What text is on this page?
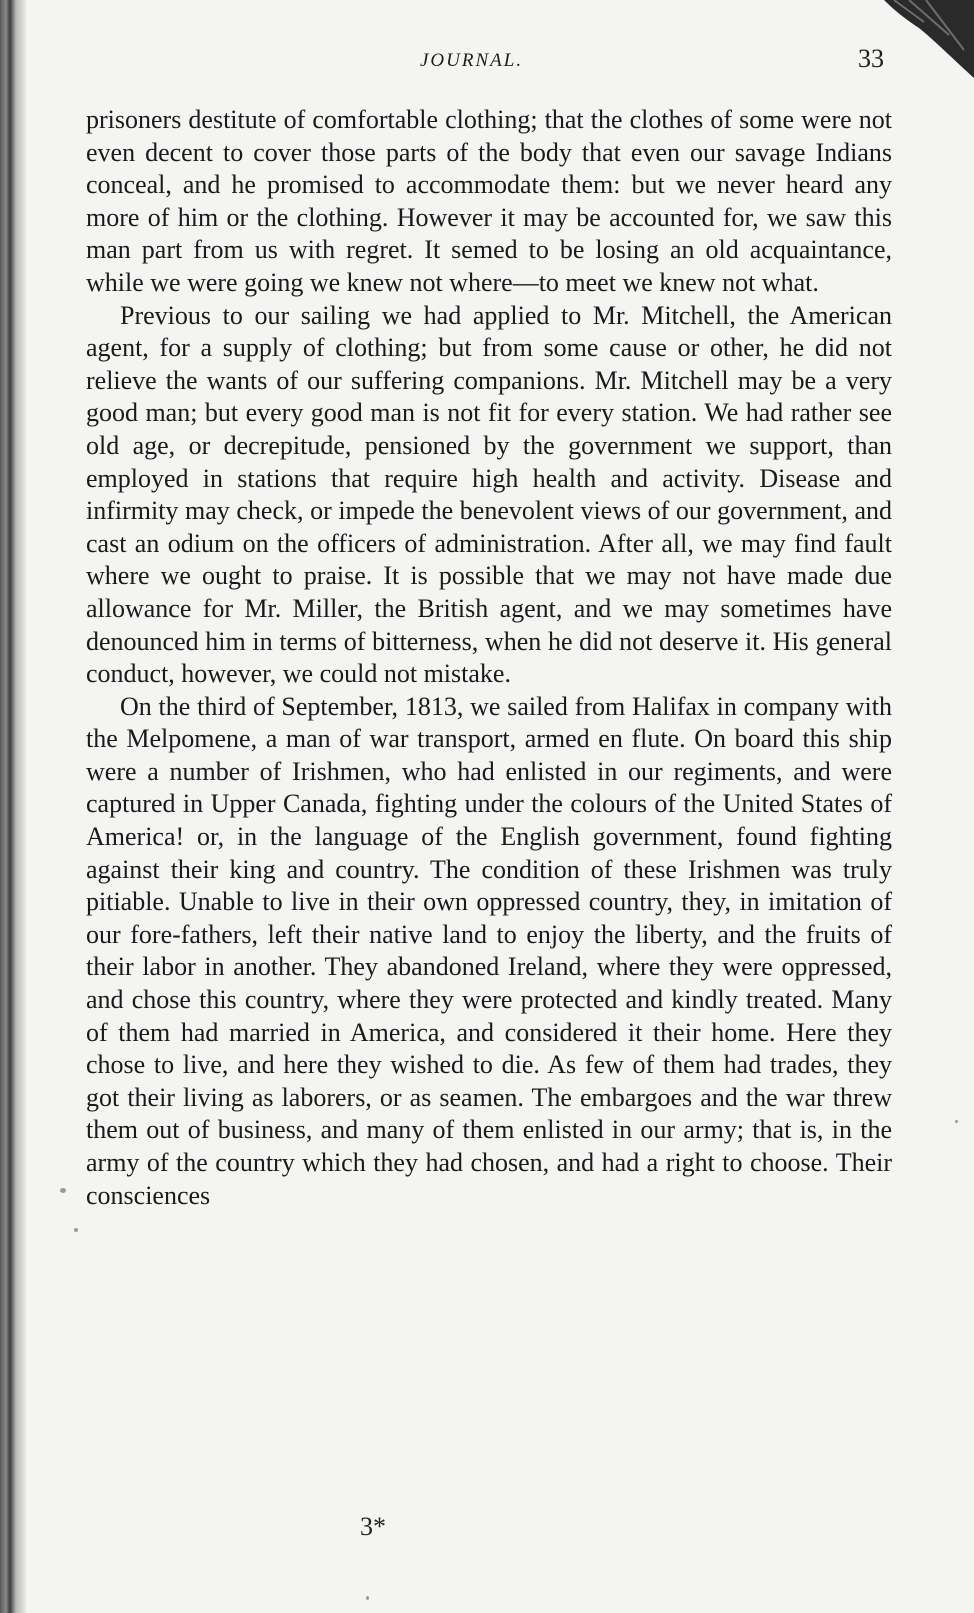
JOURNAL.	33

prisoners destitute of comfortable clothing; that the clothes of some were not even decent to cover those parts of the body that even our savage Indians conceal, and he promised to accommodate them: but we never heard any more of him or the clothing. However it may be accounted for, we saw this man part from us with regret. It semed to be losing an old acquaintance, while we were going we knew not where—to meet we knew not what.

Previous to our sailing we had applied to Mr. Mitchell, the American agent, for a supply of clothing; but from some cause or other, he did not relieve the wants of our suffering companions. Mr. Mitchell may be a very good man; but every good man is not fit for every station. We had rather see old age, or decrepitude, pensioned by the government we support, than employed in stations that require high health and activity. Disease and infirmity may check, or impede the benevolent views of our government, and cast an odium on the officers of administration. After all, we may find fault where we ought to praise. It is possible that we may not have made due allowance for Mr. Miller, the British agent, and we may sometimes have denounced him in terms of bitterness, when he did not deserve it. His general conduct, however, we could not mistake.

On the third of September, 1813, we sailed from Halifax in company with the Melpomene, a man of war transport, armed en flute. On board this ship were a number of Irishmen, who had enlisted in our regiments, and were captured in Upper Canada, fighting under the colours of the United States of America! or, in the language of the English government, found fighting against their king and country. The condition of these Irishmen was truly pitiable. Unable to live in their own oppressed country, they, in imitation of our fore-fathers, left their native land to enjoy the liberty, and the fruits of their labor in another. They abandoned Ireland, where they were oppressed, and chose this country, where they were protected and kindly treated. Many of them had married in America, and considered it their home. Here they chose to live, and here they wished to die. As few of them had trades, they got their living as laborers, or as seamen. The embargoes and the war threw them out of business, and many of them enlisted in our army; that is, in the army of the country which they had chosen, and had a right to choose. Their consciences

3*
